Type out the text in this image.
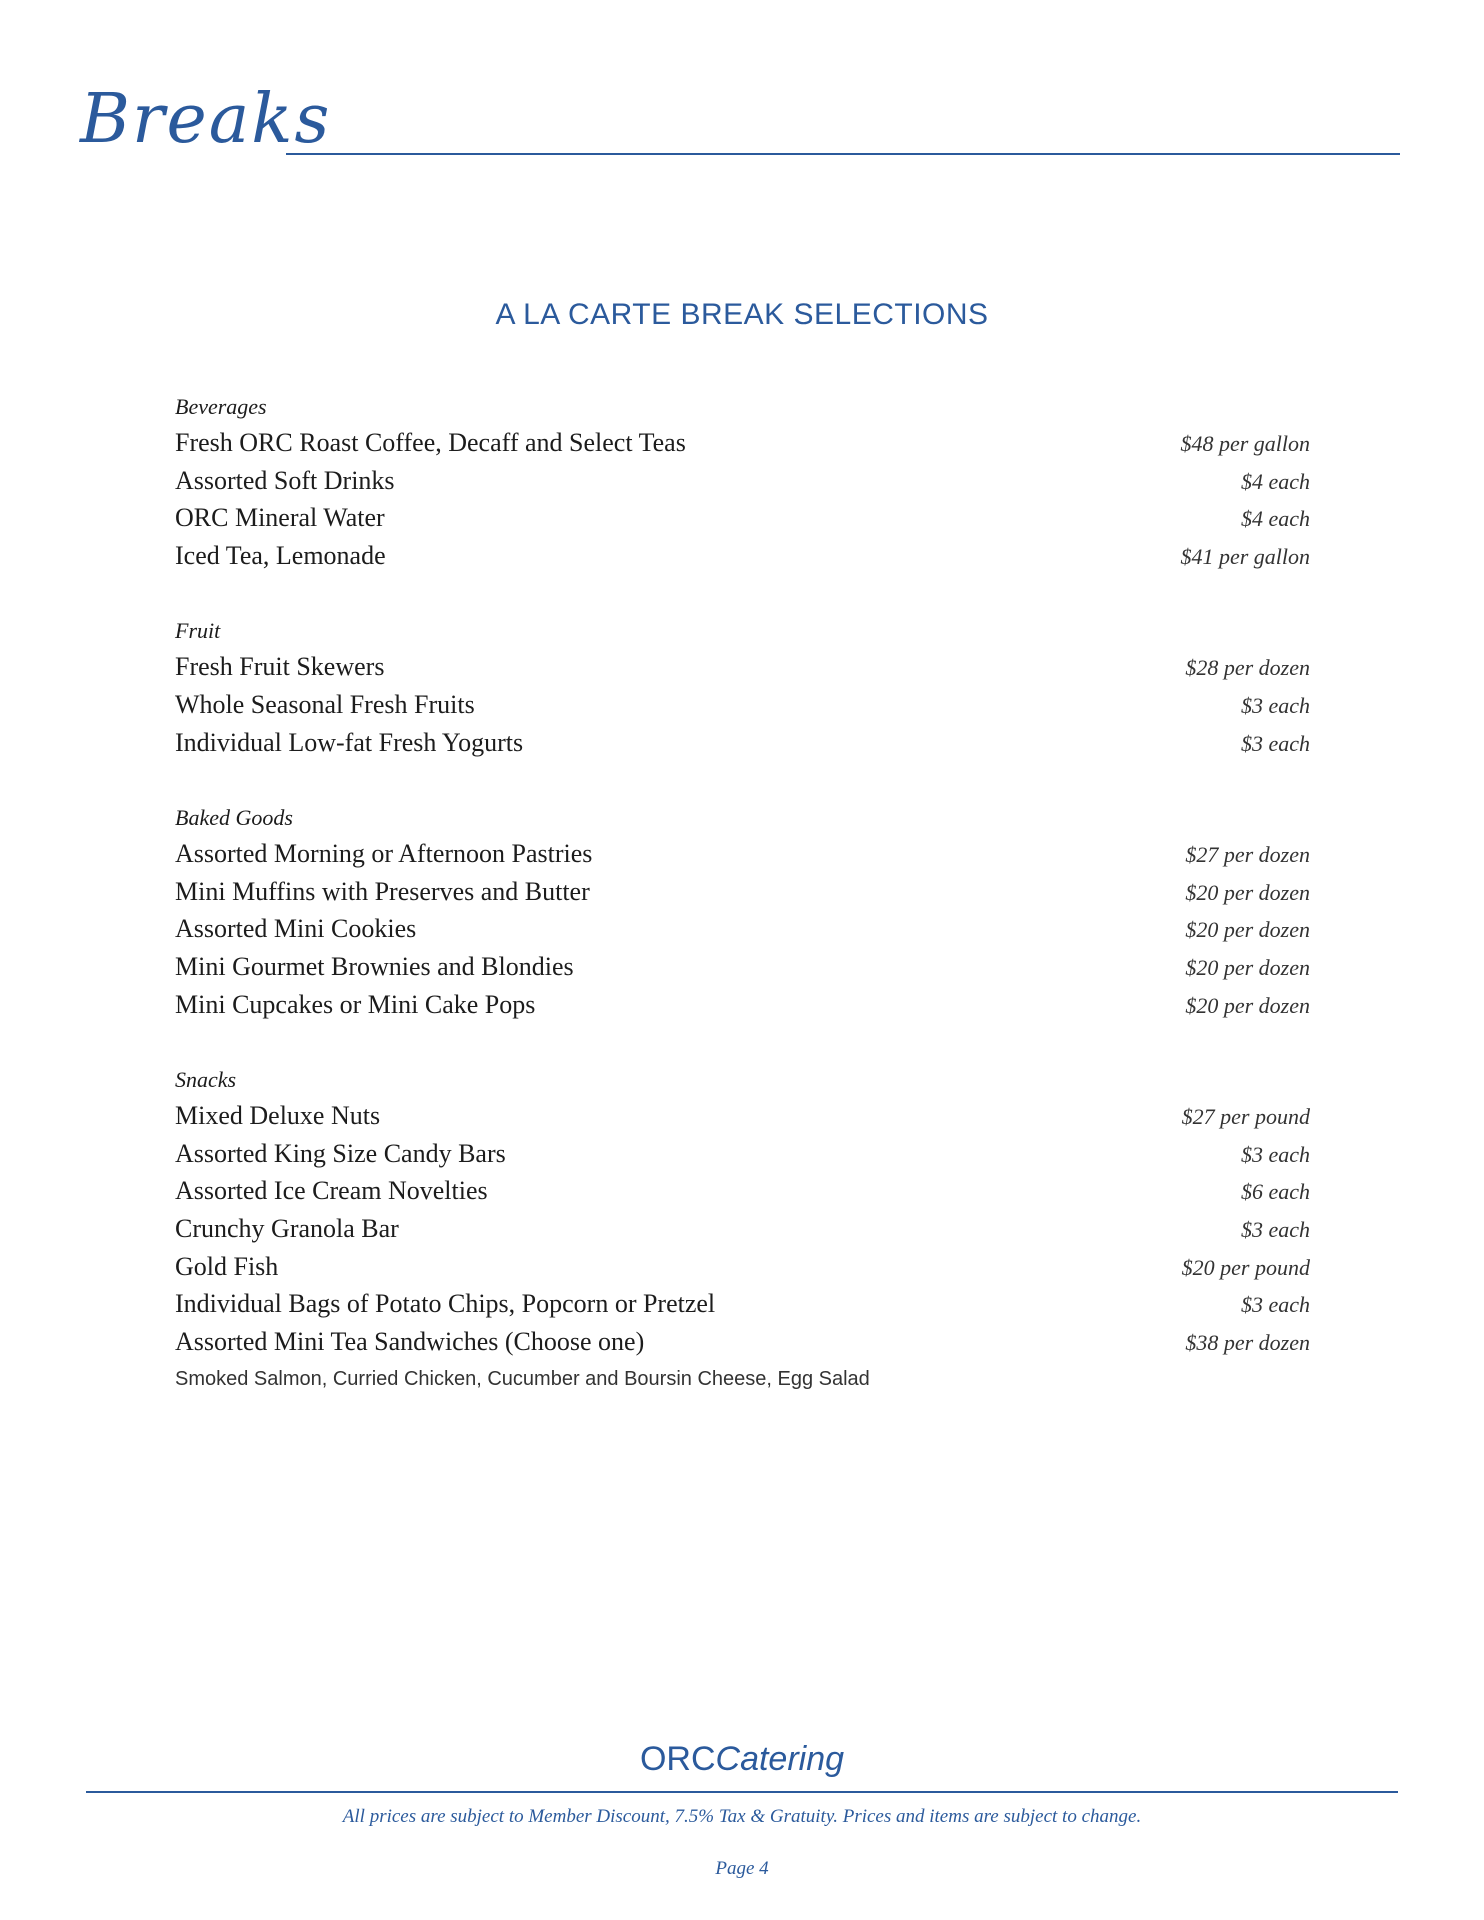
Breaks
A LA CARTE BREAK SELECTIONS
Beverages
Fresh ORC Roast Coffee, Decaff and Select Teas	$48 per gallon
Assorted Soft Drinks	$4 each
ORC Mineral Water	$4 each
Iced Tea, Lemonade	$41 per gallon
Fruit
Fresh Fruit Skewers	$28 per dozen
Whole Seasonal Fresh Fruits	$3 each
Individual Low-fat Fresh Yogurts	$3 each
Baked Goods
Assorted Morning or Afternoon Pastries	$27 per dozen
Mini Muffins with Preserves and Butter	$20 per dozen
Assorted Mini Cookies	$20 per dozen
Mini Gourmet Brownies and Blondies	$20 per dozen
Mini Cupcakes or Mini Cake Pops	$20 per dozen
Snacks
Mixed Deluxe Nuts	$27 per pound
Assorted King Size Candy Bars	$3 each
Assorted Ice Cream Novelties	$6 each
Crunchy Granola Bar	$3 each
Gold Fish	$20 per pound
Individual Bags of Potato Chips, Popcorn or Pretzel	$3 each
Assorted Mini Tea Sandwiches (Choose one)	$38 per dozen
Smoked Salmon, Curried Chicken, Cucumber and Boursin Cheese, Egg Salad
ORCCatering
All prices are subject to Member Discount, 7.5% Tax & Gratuity. Prices and items are subject to change.
Page 4
